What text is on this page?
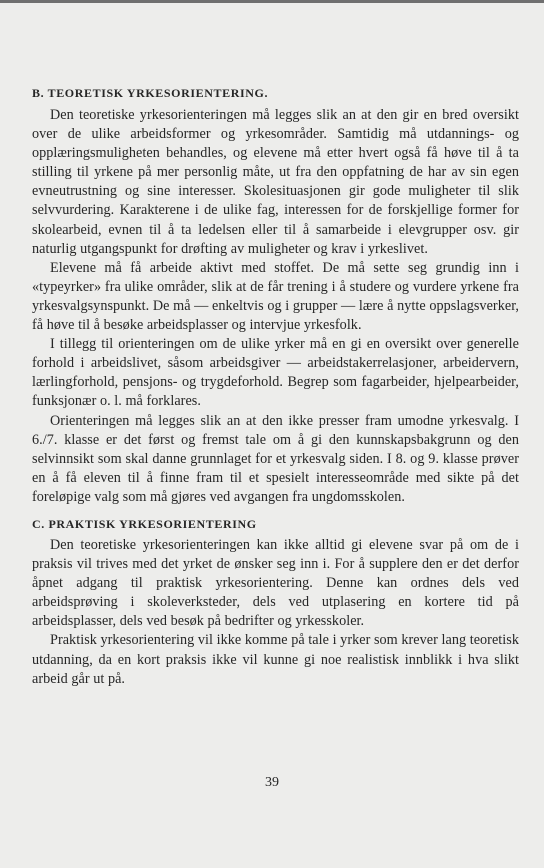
B. TEORETISK YRKESORIENTERING.

Den teoretiske yrkesorienteringen må legges slik an at den gir en bred oversikt over de ulike arbeidsformer og yrkesområder. Samtidig må utdannings- og opplæringsmuligheten behandles, og elevene må etter hvert også få høve til å ta stilling til yrkene på mer personlig måte, ut fra den oppfatning de har av sin egen evneutrustning og sine interesser. Skolesituasjonen gir gode muligheter til slik selvvurdering. Karakterene i de ulike fag, interessen for de forskjellige former for skolearbeid, evnen til å ta ledelsen eller til å samarbeide i elevgrupper osv. gir naturlig utgangspunkt for drøfting av muligheter og krav i yrkeslivet.

Elevene må få arbeide aktivt med stoffet. De må sette seg grundig inn i «typeyrker» fra ulike områder, slik at de får trening i å studere og vurdere yrkene fra yrkesvalgsynspunkt. De må — enkeltvis og i grupper — lære å nytte oppslagsverker, få høve til å besøke arbeidsplasser og intervjue yrkesfolk.

I tillegg til orienteringen om de ulike yrker må en gi en oversikt over generelle forhold i arbeidslivet, såsom arbeidsgiver — arbeidstakerrelasjoner, arbeidervern, lærlingforhold, pensjons- og trygdeforhold. Begrep som fagarbeider, hjelpearbeider, funksjonær o. l. må forklares.

Orienteringen må legges slik an at den ikke presser fram umodne yrkesvalg. I 6./7. klasse er det først og fremst tale om å gi den kunnskapsbakgrunn og den selvinnsikt som skal danne grunnlaget for et yrkesvalg siden. I 8. og 9. klasse prøver en å få eleven til å finne fram til et spesielt interesseområde med sikte på det foreløpige valg som må gjøres ved avgangen fra ungdomsskolen.

C. PRAKTISK YRKESORIENTERING

Den teoretiske yrkesorienteringen kan ikke alltid gi elevene svar på om de i praksis vil trives med det yrket de ønsker seg inn i. For å supplere den er det derfor åpnet adgang til praktisk yrkesorientering. Denne kan ordnes dels ved arbeidsprøving i skoleverksteder, dels ved utplasering en kortere tid på arbeidsplasser, dels ved besøk på bedrifter og yrkesskoler.

Praktisk yrkesorientering vil ikke komme på tale i yrker som krever lang teoretisk utdanning, da en kort praksis ikke vil kunne gi noe realistisk innblikk i hva slikt arbeid går ut på.

39
